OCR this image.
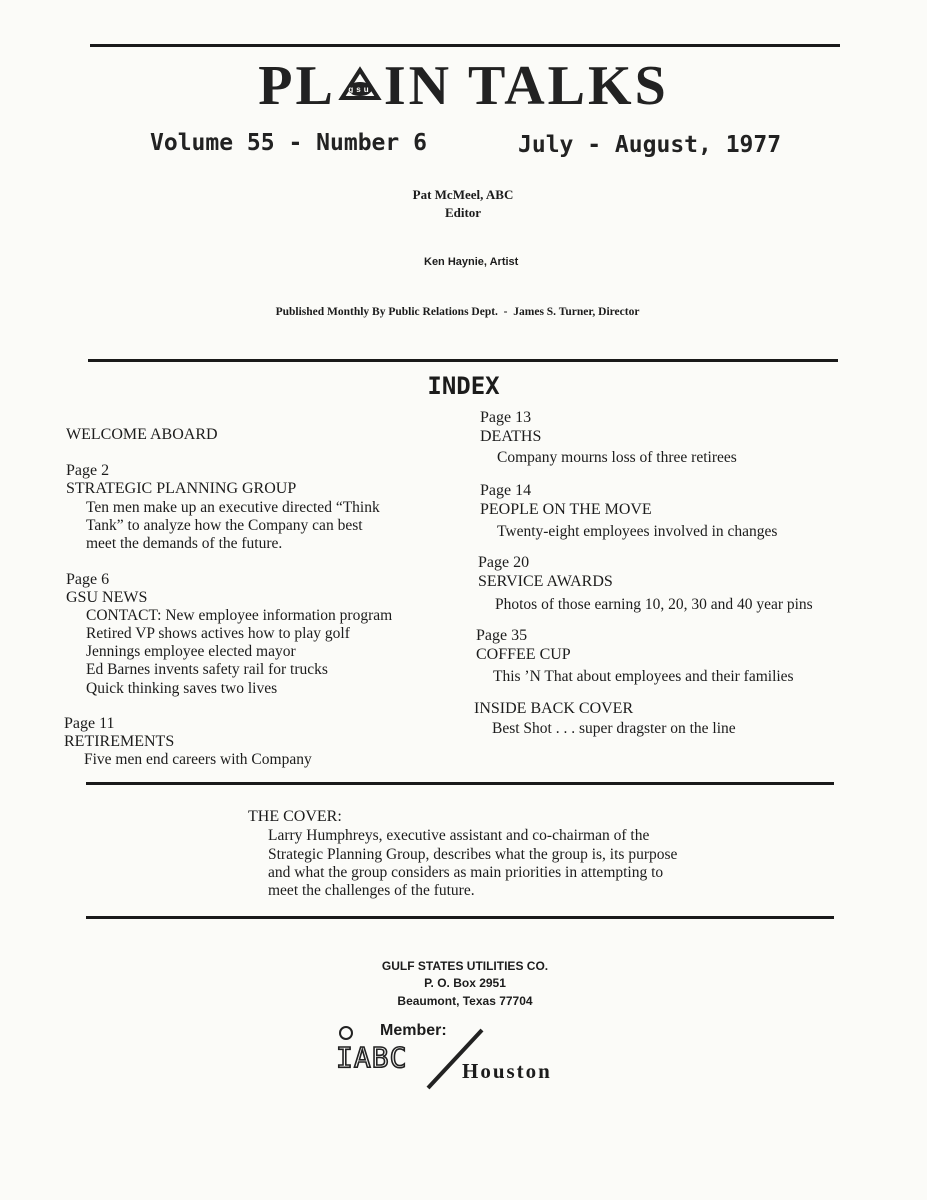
PL gsu IN TALKS
Volume 55 - Number 6	July - August, 1977
Pat McMeel, ABC
Editor
Ken Haynie, Artist
Published Monthly By Public Relations Dept.  -  James S. Turner, Director
INDEX
WELCOME ABOARD
Page 2
STRATEGIC PLANNING GROUP
Ten men make up an executive directed “Think
Tank” to analyze how the Company can best
meet the demands of the future.
Page 6
GSU NEWS
CONTACT: New employee information program
Retired VP shows actives how to play golf
Jennings employee elected mayor
Ed Barnes invents safety rail for trucks
Quick thinking saves two lives
Page 11
RETIREMENTS
Five men end careers with Company
Page 13
DEATHS
Company mourns loss of three retirees
Page 14
PEOPLE ON THE MOVE
Twenty-eight employees involved in changes
Page 20
SERVICE AWARDS
Photos of those earning 10, 20, 30 and 40 year pins
Page 35
COFFEE CUP
This ’N That about employees and their families
INSIDE BACK COVER
Best Shot . . . super dragster on the line
THE COVER:
Larry Humphreys, executive assistant and co-chairman of the
Strategic Planning Group, describes what the group is, its purpose
and what the group considers as main priorities in attempting to
meet the challenges of the future.
GULF STATES UTILITIES CO.
P. O. Box 2951
Beaumont, Texas 77704
Member:
IABC	Houston
